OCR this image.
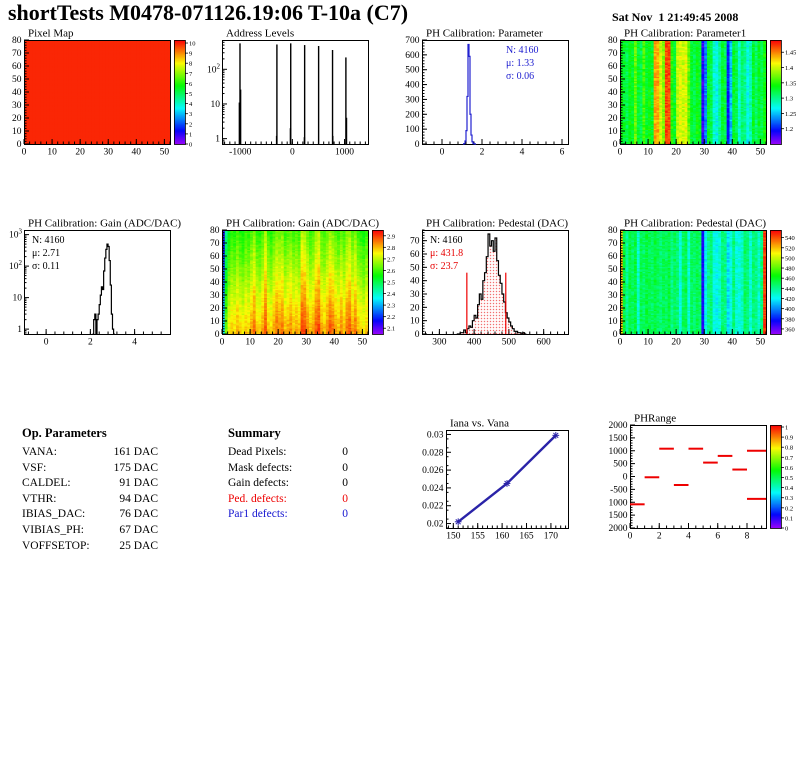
shortTests M0478-071126.19:06 T-10a (C7)	Sat Nov  1 21:49:45 2008
Op. Parameters
VANA:	161 DAC
VSF:	175 DAC
CALDEL:	91 DAC
VTHR:	94 DAC
IBIAS_DAC:	76 DAC
VIBIAS_PH:	67 DAC
VOFFSETOP:	25 DAC
Summary
Dead Pixels:	0
Mask defects:	0
Gain defects:	0
Ped. defects:	0
Par1 defects:	0
